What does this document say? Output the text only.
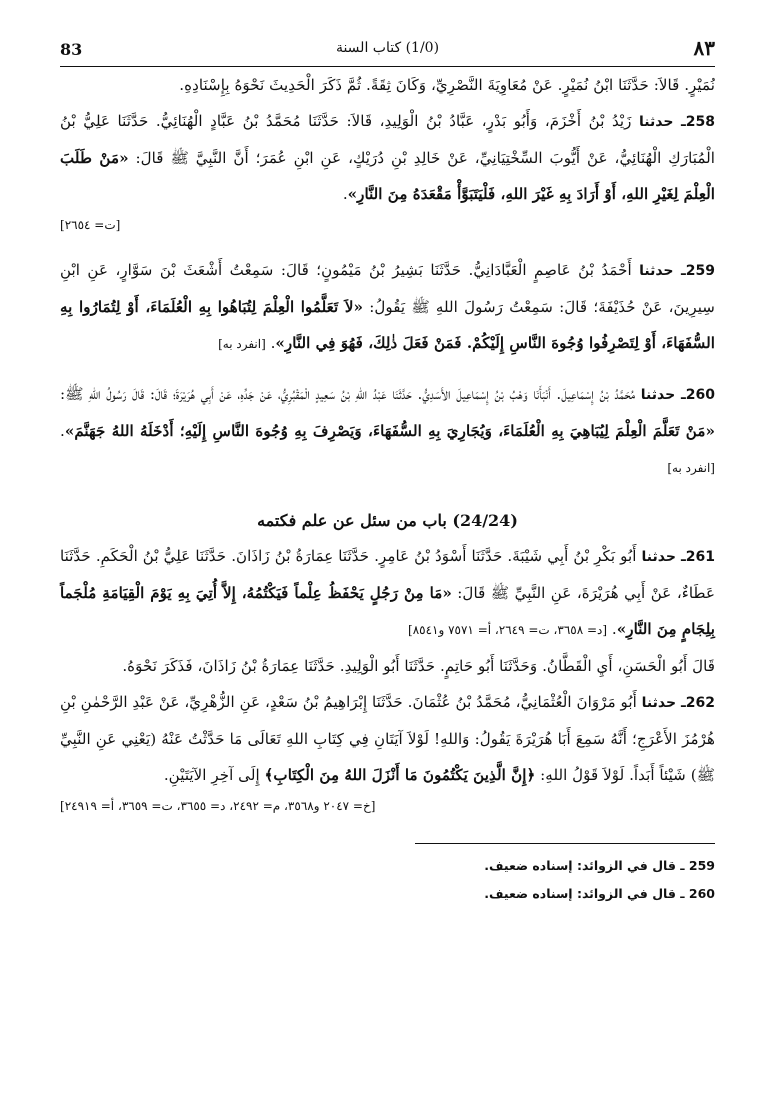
83	(1/0) كتاب السنة	٨٣

نُمَيْرٍ. قَالاَ: حَدَّثَنَا ابْنُ نُمَيْرٍ. عَنْ مُعَاوِيَةَ النَّصْرِيِّ، وَكَانَ ثِقَةً. ثُمَّ ذَكَرَ الْحَدِيثَ نَحْوَهُ بِإِسْنَادِهِ.

258ـ حدثنا زَيْدُ بْنُ أَخْزَمَ، وَأَبُو بَدْرٍ، عَبَّادُ بْنُ الْوَلِيدِ، قَالاَ: حَدَّثَنَا مُحَمَّدُ بْنُ عَبَّادٍ الْهُنَائِيُّ. حَدَّثَنَا عَلِيُّ بْنُ الْمُبَارَكِ الْهُنَائِيُّ، عَنْ أَيُّوبَ السِّخْتِيَانِيِّ، عَنْ خَالِدِ بْنِ دُرَيْكٍ، عَنِ ابْنِ عُمَرَ؛ أَنَّ النَّبِيَّ ﷺ قَالَ: «مَنْ طَلَبَ الْعِلْمَ لِغَيْرِ اللهِ، أَوْ أَرَادَ بِهِ غَيْرَ اللهِ، فَلْيَتَبَوَّأْ مَقْعَدَهُ مِنَ النَّارِ».
[ت= ٢٦٥٤]

259ـ حدثنا أَحْمَدُ بْنُ عَاصِمٍ الْعَبَّادَانِيُّ. حَدَّثَنَا بَشِيرُ بْنُ مَيْمُونٍ؛ قَالَ: سَمِعْتُ أَشْعَثَ بْنَ سَوَّارٍ، عَنِ ابْنِ سِيرِينَ، عَنْ حُذَيْفَةَ؛ قَالَ: سَمِعْتُ رَسُولَ اللهِ ﷺ يَقُولُ: «لاَ تَعَلَّمُوا الْعِلْمَ لِتُبَاهُوا بِهِ الْعُلَمَاءَ، أَوْ لِتُمَارُوا بِهِ السُّفَهَاءَ، أَوْ لِتَصْرِفُوا وُجُوهَ النَّاسِ إِلَيْكُمْ. فَمَنْ فَعَلَ ذٰلِكَ، فَهُوَ فِي النَّارِ». [انفرد به]

260ـ حدثنا مُحَمَّدُ بْنُ إِسْمَاعِيلَ. أَنْبَأَنَا وَهْبُ بْنُ إِسْمَاعِيلَ الأَسَدِيُّ. حَدَّثَنَا عَبْدُ اللهِ بْنُ سَعِيدٍ الْمَقْبُرِيُّ، عَنْ جَدِّهِ، عَنْ أَبِي هُرَيْرَةَ؛ قَالَ: قَالَ رَسُولُ اللهِ ﷺ: «مَنْ تَعَلَّمَ الْعِلْمَ لِيُبَاهِيَ بِهِ الْعُلَمَاءَ، وَيُجَارِيَ بِهِ السُّفَهَاءَ، وَيَصْرِفَ بِهِ وُجُوهَ النَّاسِ إِلَيْهِ؛ أَدْخَلَهُ اللهُ جَهَنَّمَ». [انفرد به]

(24/24) باب من سئل عن علم فكتمه

261ـ حدثنا أَبُو بَكْرِ بْنُ أَبِي شَيْبَةَ. حَدَّثَنَا أَسْوَدُ بْنُ عَامِرٍ. حَدَّثَنَا عِمَارَةُ بْنُ زَاذَانَ. حَدَّثَنَا عَلِيُّ بْنُ الْحَكَمِ. حَدَّثَنَا عَطَاءٌ، عَنْ أَبِي هُرَيْرَةَ، عَنِ النَّبِيِّ ﷺ قَالَ: «مَا مِنْ رَجُلٍ يَحْفَظُ عِلْماً فَيَكْتُمُهُ، إِلاَّ أُتِيَ بِهِ يَوْمَ الْقِيَامَةِ مُلْجَماً بِلِجَامٍ مِنَ النَّارِ». [د= ٣٦٥٨، ت= ٢٦٤٩، أ= ٧٥٧١ و٨٥٤١]

قَالَ أَبُو الْحَسَنِ، أَيِ الْقَطَّانُ. وَحَدَّثَنَا أَبُو حَاتِمٍ. حَدَّثَنَا أَبُو الْوَلِيدِ. حَدَّثَنَا عِمَارَةُ بْنُ زَاذَانَ، فَذَكَرَ نَحْوَهُ.

262ـ حدثنا أَبُو مَرْوَانَ الْعُثْمَانِيُّ، مُحَمَّدُ بْنُ عُثْمَانَ. حَدَّثَنَا إِبْرَاهِيمُ بْنُ سَعْدٍ، عَنِ الزُّهْرِيِّ، عَنْ عَبْدِ الرَّحْمٰنِ بْنِ هُرْمُزَ الأَعْرَجِ؛ أَنَّهُ سَمِعَ أَبَا هُرَيْرَةَ يَقُولُ: وَاللهِ! لَوْلاَ آيَتَانِ فِي كِتَابِ اللهِ تَعَالَى مَا حَدَّثْتُ عَنْهُ (يَعْنِي عَنِ النَّبِيِّ ﷺ) شَيْئاً أَبَداً. لَوْلاَ قَوْلُ اللهِ: ﴿إِنَّ الَّذِينَ يَكْتُمُونَ مَا أَنْزَلَ اللهُ مِنَ الْكِتَابِ﴾ إِلَى آخِرِ الآيَتَيْنِ.
[خ= ٢٠٤٧ و٣٥٦٨، م= ٢٤٩٢، د= ٣٦٥٥، ت= ٣٦٥٩، أ= ٢٤٩١٩]

259 ـ قال في الزوائد: إسناده ضعيف.
260 ـ قال في الزوائد: إسناده ضعيف.
